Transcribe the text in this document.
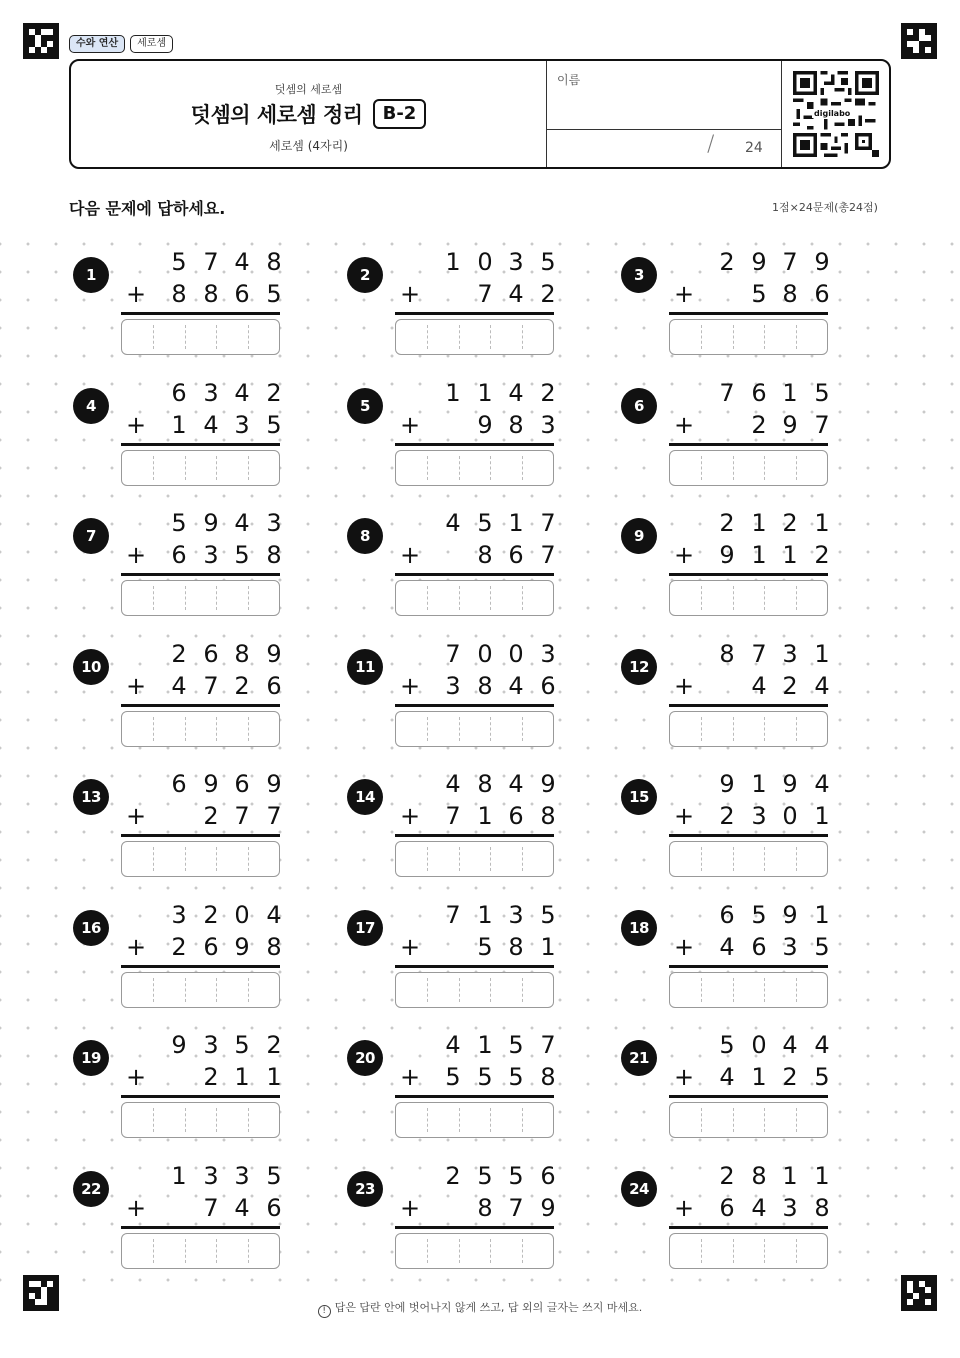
수와 연산	세로셈
덧셈의 세로셈
덧셈의 세로셈 정리	B-2
세로셈 (4자리)
이름
/ 24
digilabo
다음 문제에 답하세요.	1점×24문제(총24점)
1	5 7 4 8
+	8 8 6 5
2	1 0 3 5
+	7 4 2
3	2 9 7 9
+	5 8 6
4	6 3 4 2
+	1 4 3 5
5	1 1 4 2
+	9 8 3
6	7 6 1 5
+	2 9 7
7	5 9 4 3
+	6 3 5 8
8	4 5 1 7
+	8 6 7
9	2 1 2 1
+	9 1 1 2
10	2 6 8 9
+	4 7 2 6
11	7 0 0 3
+	3 8 4 6
12	8 7 3 1
+	4 2 4
13	6 9 6 9
+	2 7 7
14	4 8 4 9
+	7 1 6 8
15	9 1 9 4
+	2 3 0 1
16	3 2 0 4
+	2 6 9 8
17	7 1 3 5
+	5 8 1
18	6 5 9 1
+	4 6 3 5
19	9 3 5 2
+	2 1 1
20	4 1 5 7
+	5 5 5 8
21	5 0 4 4
+	4 1 2 5
22	1 3 3 5
+	7 4 6
23	2 5 5 6
+	8 7 9
24	2 8 1 1
+	6 4 3 8
! 답은 답란 안에 벗어나지 않게 쓰고, 답 외의 글자는 쓰지 마세요.
